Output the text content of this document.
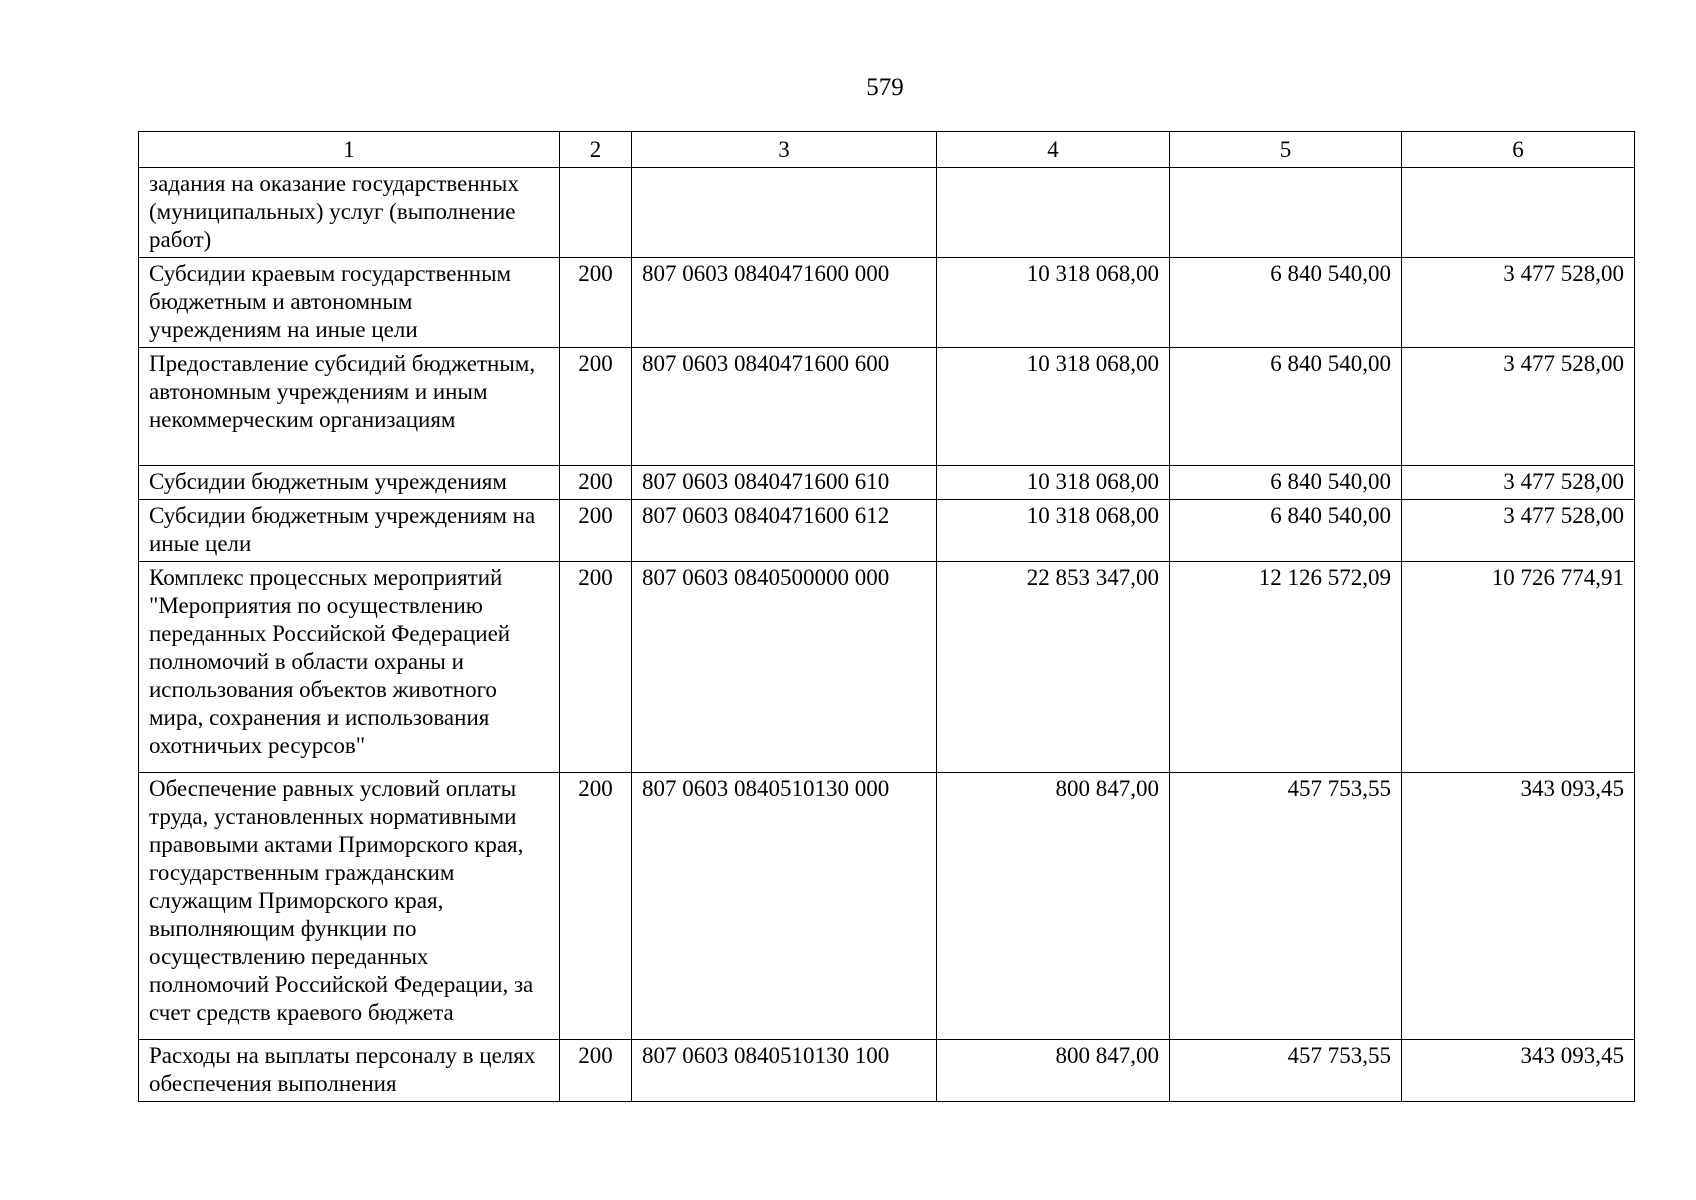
579
1	2	3	4	5	6
задания на оказание государственных (муниципальных) услуг (выполнение работ)					
Субсидии краевым государственным бюджетным и автономным учреждениям на иные цели	200	807 0603 0840471600 000	10 318 068,00	6 840 540,00	3 477 528,00
Предоставление субсидий бюджетным, автономным учреждениям и иным некоммерческим организациям	200	807 0603 0840471600 600	10 318 068,00	6 840 540,00	3 477 528,00
Субсидии бюджетным учреждениям	200	807 0603 0840471600 610	10 318 068,00	6 840 540,00	3 477 528,00
Субсидии бюджетным учреждениям на иные цели	200	807 0603 0840471600 612	10 318 068,00	6 840 540,00	3 477 528,00
Комплекс процессных мероприятий "Мероприятия по осуществлению переданных Российской Федерацией полномочий в области охраны и использования объектов животного мира, сохранения и использования охотничьих ресурсов"	200	807 0603 0840500000 000	22 853 347,00	12 126 572,09	10 726 774,91
Обеспечение равных условий оплаты труда, установленных нормативными правовыми актами Приморского края, государственным гражданским служащим Приморского края, выполняющим функции по осуществлению переданных полномочий Российской Федерации, за счет средств краевого бюджета	200	807 0603 0840510130 000	800 847,00	457 753,55	343 093,45
Расходы на выплаты персоналу в целях обеспечения выполнения	200	807 0603 0840510130 100	800 847,00	457 753,55	343 093,45
